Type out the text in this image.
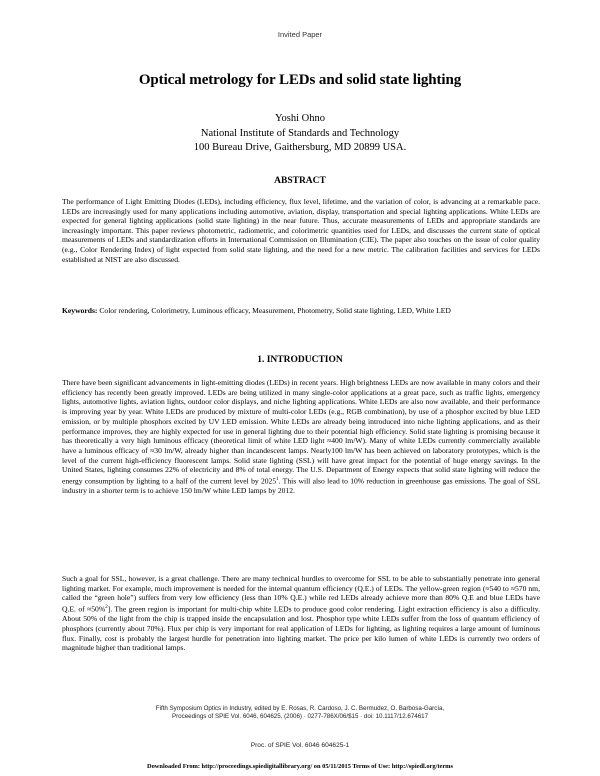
Invited Paper
Optical metrology for LEDs and solid state lighting
Yoshi Ohno
National Institute of Standards and Technology
100 Bureau Drive, Gaithersburg, MD 20899 USA.
ABSTRACT
The performance of Light Emitting Diodes (LEDs), including efficiency, flux level, lifetime, and the variation of color, is advancing at a remarkable pace. LEDs are increasingly used for many applications including automotive, aviation, display, transportation and special lighting applications. White LEDs are expected for general lighting applications (solid state lighting) in the near future. Thus, accurate measurements of LEDs and appropriate standards are increasingly important. This paper reviews photometric, radiometric, and colorimetric quantities used for LEDs, and discusses the current state of optical measurements of LEDs and standardization efforts in International Commission on Illumination (CIE). The paper also touches on the issue of color quality (e.g., Color Rendering Index) of light expected from solid state lighting, and the need for a new metric. The calibration facilities and services for LEDs established at NIST are also discussed.
Keywords: Color rendering, Colorimetry, Luminous efficacy, Measurement, Photometry, Solid state lighting, LED, White LED
1. INTRODUCTION
There have been significant advancements in light-emitting diodes (LEDs) in recent years. High brightness LEDs are now available in many colors and their efficiency has recently been greatly improved. LEDs are being utilized in many single-color applications at a great pace, such as traffic lights, emergency lights, automotive lights, aviation lights, outdoor color displays, and niche lighting applications. White LEDs are also now available, and their performance is improving year by year. White LEDs are produced by mixture of multi-color LEDs (e.g., RGB combination), by use of a phosphor excited by blue LED emission, or by multiple phosphors excited by UV LED emission. White LEDs are already being introduced into niche lighting applications, and as their performance improves, they are highly expected for use in general lighting due to their potential high efficiency. Solid state lighting is promising because it has theoretically a very high luminous efficacy (theoretical limit of white LED light ≈400 lm/W). Many of white LEDs currently commercially available have a luminous efficacy of ≈30 lm/W, already higher than incandescent lamps. Nearly100 lm/W has been achieved on laboratory prototypes, which is the level of the current high-efficiency fluorescent lamps. Solid state lighting (SSL) will have great impact for the potential of huge energy savings. In the United States, lighting consumes 22% of electricity and 8% of total energy. The U.S. Department of Energy expects that solid state lighting will reduce the energy consumption by lighting to a half of the current level by 2025$^1$. This will also lead to 10% reduction in greenhouse gas emissions. The goal of SSL industry in a shorter term is to achieve 150 lm/W white LED lamps by 2012.
Such a goal for SSL, however, is a great challenge. There are many technical hurdles to overcome for SSL to be able to substantially penetrate into general lighting market. For example, much improvement is needed for the internal quantum efficiency (Q.E.) of LEDs. The yellow-green region (≈540 to ≈570 nm, called the “green hole”) suffers from very low efficiency (less than 10% Q.E.) while red LEDs already achieve more than 80% Q.E and blue LEDs have Q.E. of ≈50%$^2$]. The green region is important for multi-chip white LEDs to produce good color rendering. Light extraction efficiency is also a difficulty. About 50% of the light from the chip is trapped inside the encapsulation and lost. Phosphor type white LEDs suffer from the loss of quantum efficiency of phosphors (currently about 70%). Flux per chip is very important for real application of LEDs for lighting, as lighting requires a large amount of luminous flux. Finally, cost is probably the largest hurdle for penetration into lighting market. The price per kilo lumen of white LEDs is currently two orders of magnitude higher than traditional lamps.
Fifth Symposium Optics in Industry, edited by E. Rosas, R. Cardoso, J. C. Bermudez, O. Barbosa-García,
Proceedings of SPIE Vol. 6046, 604625, (2006) · 0277-786X/06/$15 · doi: 10.1117/12.674617
Proc. of SPIE Vol. 6046 604625-1
Downloaded From: http://proceedings.spiedigitallibrary.org/ on 05/11/2015 Terms of Use: http://spiedl.org/terms
